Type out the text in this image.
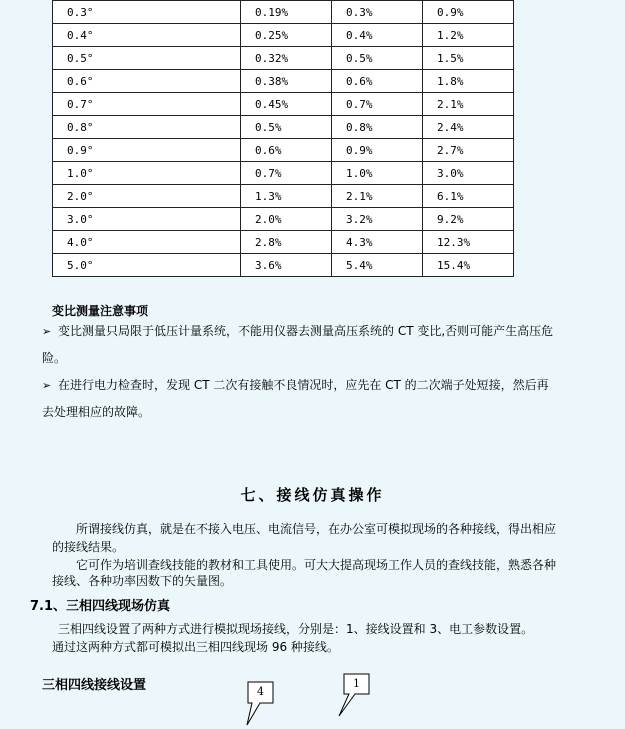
0.3°	0.19%	0.3%	0.9%
0.4°	0.25%	0.4%	1.2%
0.5°	0.32%	0.5%	1.5%
0.6°	0.38%	0.6%	1.8%
0.7°	0.45%	0.7%	2.1%
0.8°	0.5%	0.8%	2.4%
0.9°	0.6%	0.9%	2.7%
1.0°	0.7%	1.0%	3.0%
2.0°	1.3%	2.1%	6.1%
3.0°	2.0%	3.2%	9.2%
4.0°	2.8%	4.3%	12.3%
5.0°	3.6%	5.4%	15.4%
变比测量注意事项
➢ 变比测量只局限于低压计量系统，不能用仪器去测量高压系统的 CT 变比,否则可能产生高压危
险。
➢ 在进行电力检查时，发现 CT 二次有接触不良情况时，应先在 CT 的二次端子处短接，然后再
去处理相应的故障。
七、接线仿真操作
所谓接线仿真，就是在不接入电压、电流信号，在办公室可模拟现场的各种接线，得出相应
的接线结果。
它可作为培训查线技能的教材和工具使用。可大大提高现场工作人员的查线技能，熟悉各种
接线、各种功率因数下的矢量图。
7.1、三相四线现场仿真
三相四线设置了两种方式进行模拟现场接线，分别是：1、接线设置和 3、电工参数设置。
通过这两种方式都可模拟出三相四线现场 96 种接线。
三相四线接线设置	4
1
